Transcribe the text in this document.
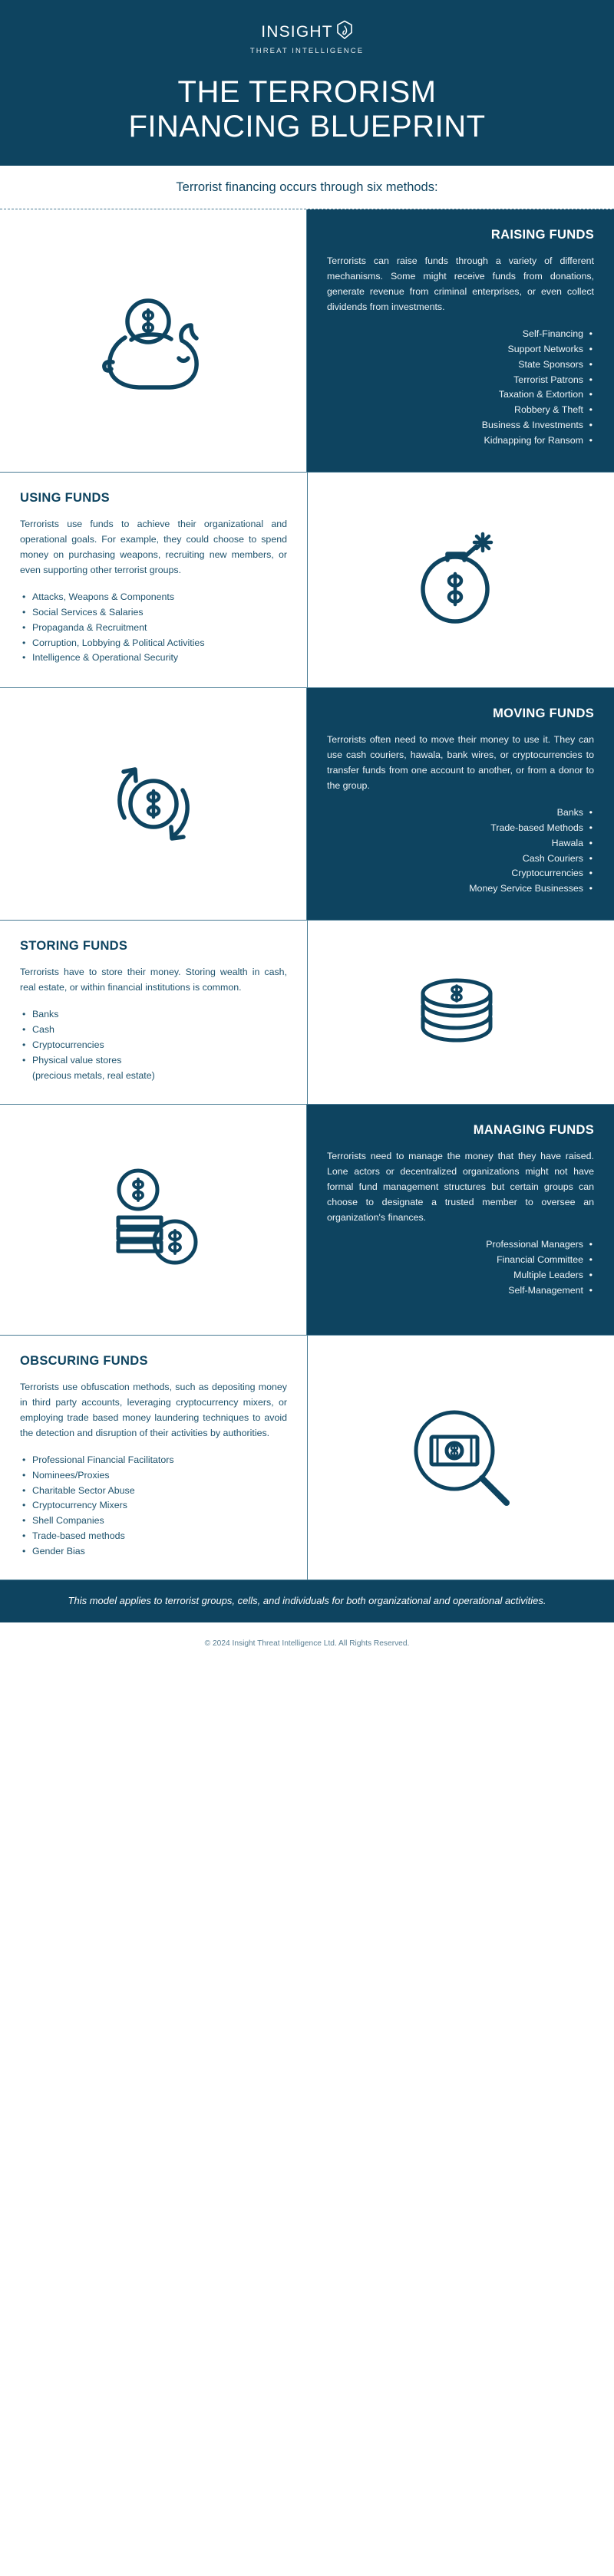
INSIGHT
THREAT INTELLIGENCE
THE TERRORISM
FINANCING BLUEPRINT
Terrorist financing occurs through six methods:
RAISING FUNDS
Terrorists can raise funds through a variety of different mechanisms. Some might receive funds from donations, generate revenue from criminal enterprises, or even collect dividends from investments.
Self-Financing •
Support Networks •
State Sponsors •
Terrorist Patrons •
Taxation & Extortion •
Robbery & Theft •
Business & Investments •
Kidnapping for Ransom •
USING FUNDS
Terrorists use funds to achieve their organizational and operational goals. For example, they could choose to spend money on purchasing weapons, recruiting new members, or even supporting other terrorist groups.
• Attacks, Weapons & Components
• Social Services & Salaries
• Propaganda & Recruitment
• Corruption, Lobbying & Political Activities
• Intelligence & Operational Security
MOVING FUNDS
Terrorists often need to move their money to use it. They can use cash couriers, hawala, bank wires, or cryptocurrencies to transfer funds from one account to another, or from a donor to the group.
Banks •
Trade-based Methods •
Hawala •
Cash Couriers •
Cryptocurrencies •
Money Service Businesses •
STORING FUNDS
Terrorists have to store their money. Storing wealth in cash, real estate, or within financial institutions is common.
• Banks
• Cash
• Cryptocurrencies
• Physical value stores
(precious metals, real estate)
MANAGING FUNDS
Terrorists need to manage the money that they have raised. Lone actors or decentralized organizations might not have formal fund management structures but certain groups can choose to designate a trusted member to oversee an organization's finances.
Professional Managers •
Financial Committee •
Multiple Leaders •
Self-Management •
OBSCURING FUNDS
Terrorists use obfuscation methods, such as depositing money in third party accounts, leveraging cryptocurrency mixers, or employing trade based money laundering techniques to avoid the detection and disruption of their activities by authorities.
• Professional Financial Facilitators
• Nominees/Proxies
• Charitable Sector Abuse
• Cryptocurrency Mixers
• Shell Companies
• Trade-based methods
• Gender Bias
This model applies to terrorist groups, cells, and individuals for both organizational and operational activities.
© 2024 Insight Threat Intelligence Ltd. All Rights Reserved.
